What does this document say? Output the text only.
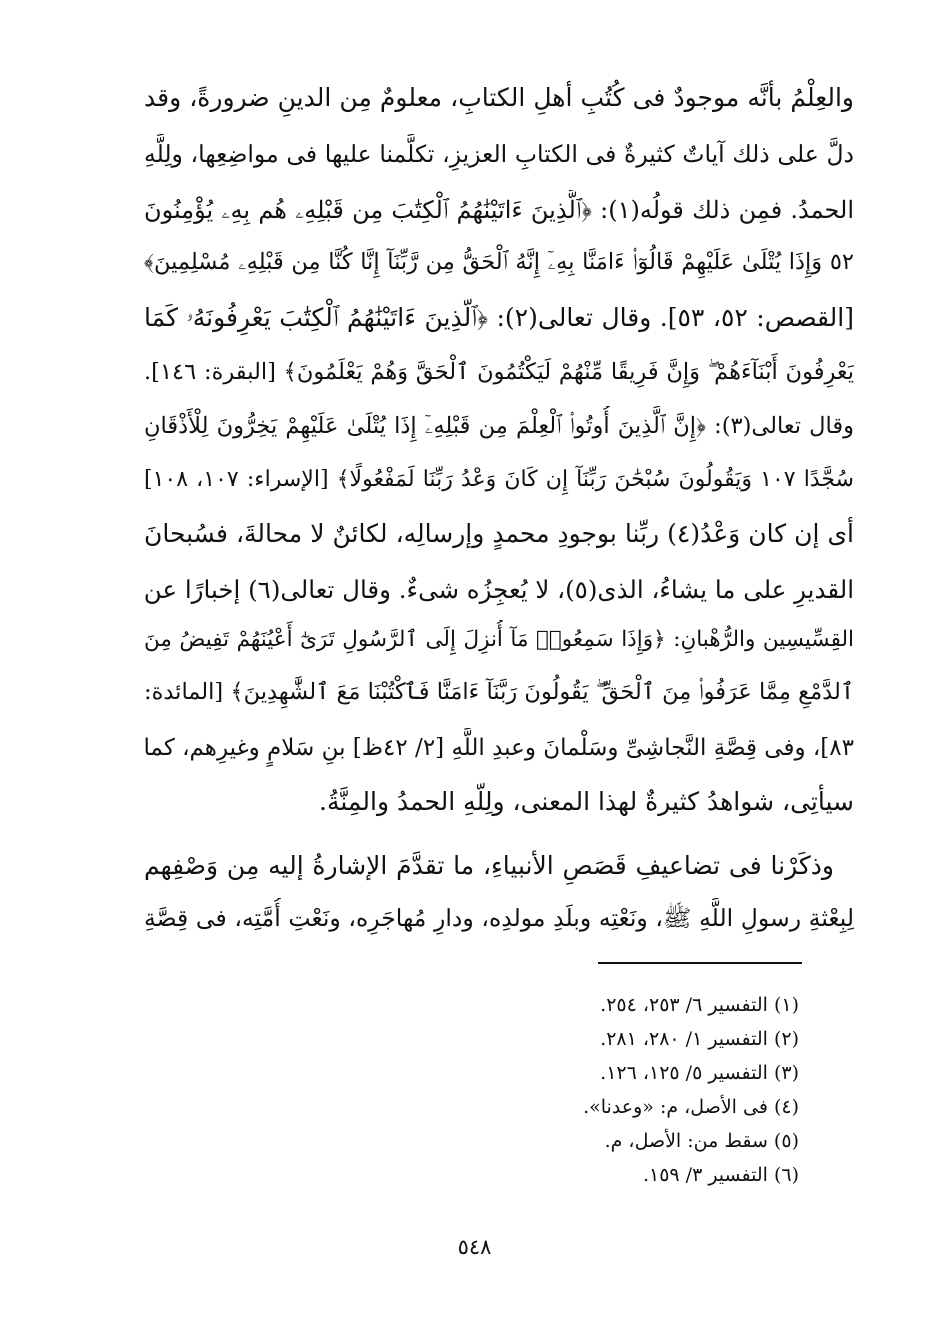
والعِلْمُ بأنَّه موجودٌ فى كُتُبِ أهلِ الكتابِ، معلومٌ مِن الدينِ ضرورةً، وقد
دلَّ على ذلك آياتٌ كثيرةٌ فى الكتابِ العزيزِ، تكلَّمنا عليها فى مواضِعِها، ولِلَّهِ
الحمدُ. فمِن ذلك قولُه(١): ﴿ٱلَّذِينَ ءَاتَيْنَٰهُمُ ٱلْكِتَٰبَ مِن قَبْلِهِۦ هُم بِهِۦ يُؤْمِنُونَ
٥٢ وَإِذَا يُتْلَىٰ عَلَيْهِمْ قَالُوٓا۟ ءَامَنَّا بِهِۦٓ إِنَّهُ ٱلْحَقُّ مِن رَّبِّنَآ إِنَّا كُنَّا مِن قَبْلِهِۦ مُسْلِمِينَ﴾
[القصص: ٥٢، ٥٣]. وقال تعالى(٢): ﴿ٱلَّذِينَ ءَاتَيْنَٰهُمُ ٱلْكِتَٰبَ يَعْرِفُونَهُۥ كَمَا
يَعْرِفُونَ أَبْنَآءَهُمْ ۖ وَإِنَّ فَرِيقًا مِّنْهُمْ لَيَكْتُمُونَ ٱلْحَقَّ وَهُمْ يَعْلَمُونَ﴾ [البقرة: ١٤٦].
وقال تعالى(٣): ﴿إِنَّ ٱلَّذِينَ أُوتُوا۟ ٱلْعِلْمَ مِن قَبْلِهِۦٓ إِذَا يُتْلَىٰ عَلَيْهِمْ يَخِرُّونَ لِلْأَذْقَانِ
سُجَّدًا ١٠٧ وَيَقُولُونَ سُبْحَٰنَ رَبِّنَآ إِن كَانَ وَعْدُ رَبِّنَا لَمَفْعُولًا﴾ [الإسراء: ١٠٧، ١٠٨]
أى إن كان وَعْدُ(٤) ربِّنا بوجودِ محمدٍ وإرسالِه، لكائنٌ لا محالةَ، فسُبحانَ
القديرِ على ما يشاءُ، الذى(٥)، لا يُعجِزُه شىءٌ. وقال تعالى(٦) إخبارًا عن
القِسِّيسِين والرُّهْبانِ: ﴿وَإِذَا سَمِعُوا۟ مَآ أُنزِلَ إِلَى ٱلرَّسُولِ تَرَىٰٓ أَعْيُنَهُمْ تَفِيضُ مِنَ
ٱلدَّمْعِ مِمَّا عَرَفُوا۟ مِنَ ٱلْحَقِّ ۖ يَقُولُونَ رَبَّنَآ ءَامَنَّا فَٱكْتُبْنَا مَعَ ٱلشَّٰهِدِينَ﴾ [المائدة:
٨٣]، وفى قِصَّةِ النَّجاشِىِّ وسَلْمانَ وعبدِ اللَّهِ [٢/ ٤٢ظ] بنِ سَلامٍ وغيرِهم، كما
سيأتِى، شواهدُ كثيرةٌ لهذا المعنى، ولِلَّهِ الحمدُ والمِنَّةُ.
وذكَرْنا فى تضاعيفِ قَصَصِ الأنبياءِ، ما تقدَّمَ الإشارةُ إليه مِن وَصْفِهم
لِبِعْثةِ رسولِ اللَّهِ ﷺ، ونَعْتِه وبلَدِ مولدِه، ودارِ مُهاجَرِه، ونَعْتِ أُمَّتِه، فى قِصَّةِ
(١) التفسير ٦/ ٢٥٣، ٢٥٤.
(٢) التفسير ١/ ٢٨٠، ٢٨١.
(٣) التفسير ٥/ ١٢٥، ١٢٦.
(٤) فى الأصل، م: «وعدنا».
(٥) سقط من: الأصل، م.
(٦) التفسير ٣/ ١٥٩.
٥٤٨
